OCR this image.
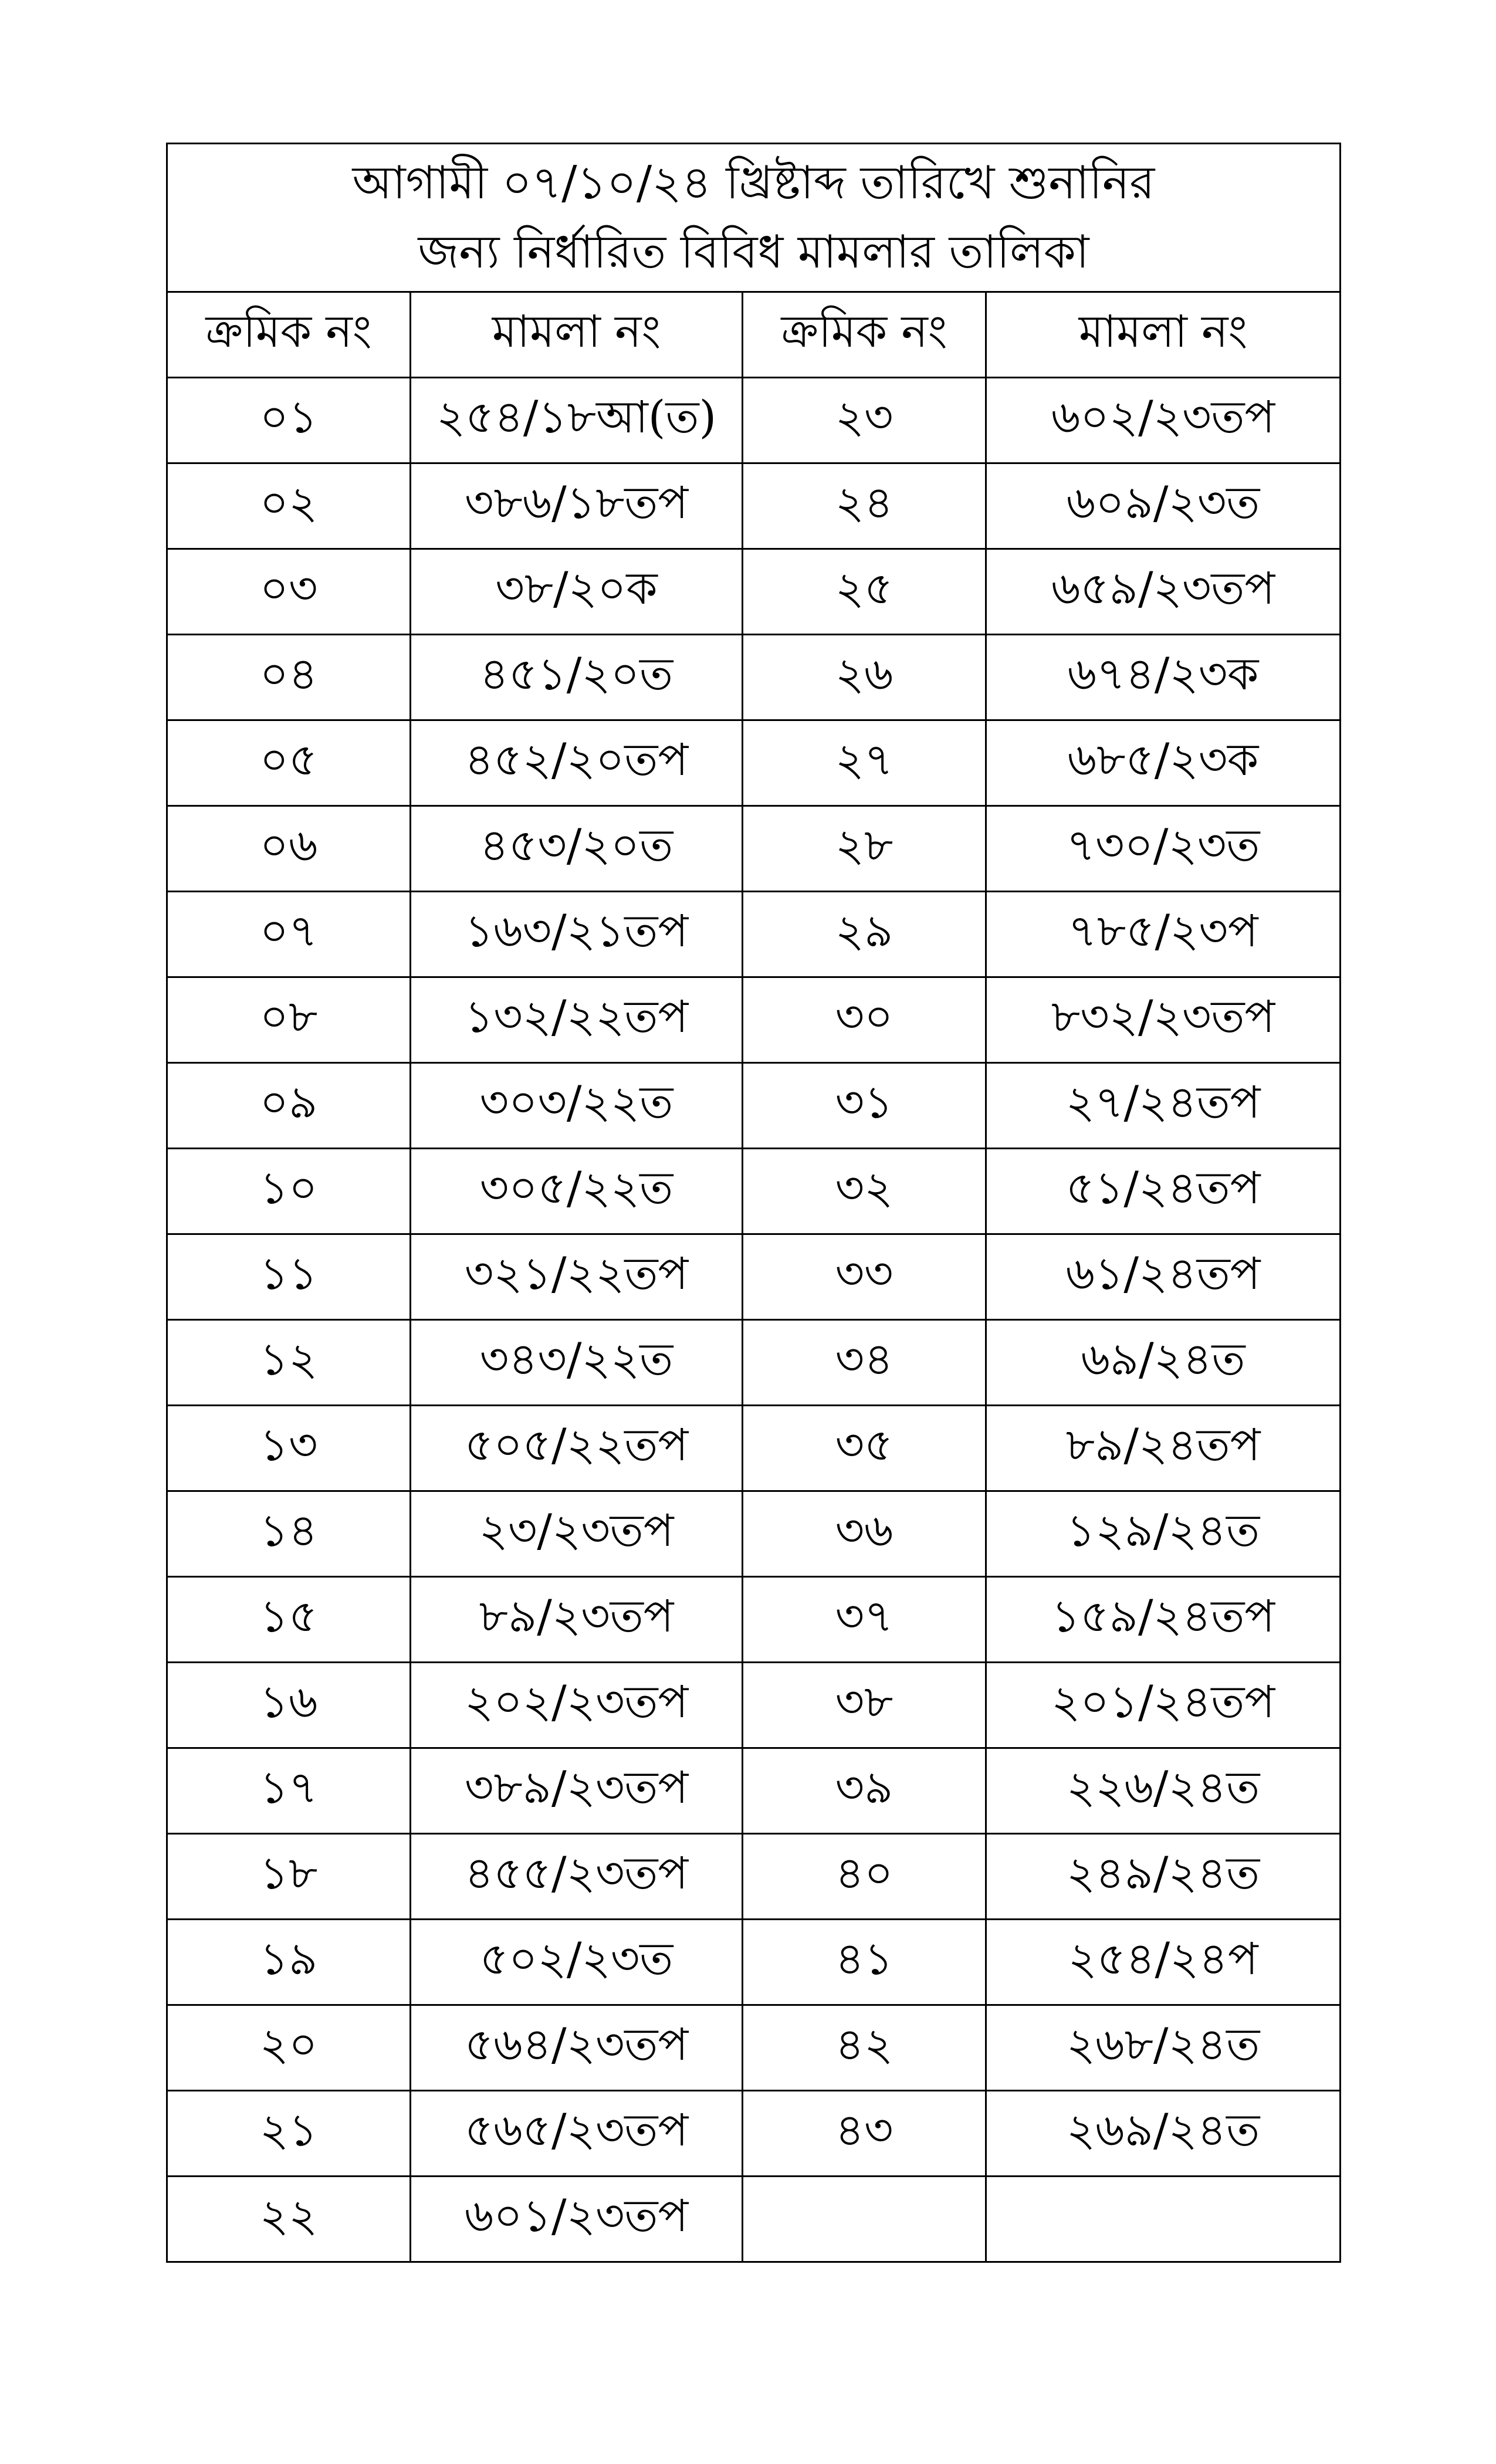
আগামী ০৭/১০/২৪ খ্রিষ্টাব্দ তারিখে শুনানির
জন্য নির্ধারিত বিবিধ মামলার তালিকা			

ক্রমিক নং	মামলা নং	ক্রমিক নং	মামলা নং
০১	২৫৪/১৮আ(ত)	২৩	৬০২/২৩তপ
০২	৩৮৬/১৮তপ	২৪	৬০৯/২৩ত
০৩	৩৮/২০ক	২৫	৬৫৯/২৩তপ
০৪	৪৫১/২০ত	২৬	৬৭৪/২৩ক
০৫	৪৫২/২০তপ	২৭	৬৮৫/২৩ক
০৬	৪৫৩/২০ত	২৮	৭৩০/২৩ত
০৭	১৬৩/২১তপ	২৯	৭৮৫/২৩প
০৮	১৩২/২২তপ	৩০	৮৩২/২৩তপ
০৯	৩০৩/২২ত	৩১	২৭/২৪তপ
১০	৩০৫/২২ত	৩২	৫১/২৪তপ
১১	৩২১/২২তপ	৩৩	৬১/২৪তপ
১২	৩৪৩/২২ত	৩৪	৬৯/২৪ত
১৩	৫০৫/২২তপ	৩৫	৮৯/২৪তপ
১৪	২৩/২৩তপ	৩৬	১২৯/২৪ত
১৫	৮৯/২৩তপ	৩৭	১৫৯/২৪তপ
১৬	২০২/২৩তপ	৩৮	২০১/২৪তপ
১৭	৩৮৯/২৩তপ	৩৯	২২৬/২৪ত
১৮	৪৫৫/২৩তপ	৪০	২৪৯/২৪ত
১৯	৫০২/২৩ত	৪১	২৫৪/২৪প
২০	৫৬৪/২৩তপ	৪২	২৬৮/২৪ত
২১	৫৬৫/২৩তপ	৪৩	২৬৯/২৪ত
২২	৬০১/২৩তপ		
